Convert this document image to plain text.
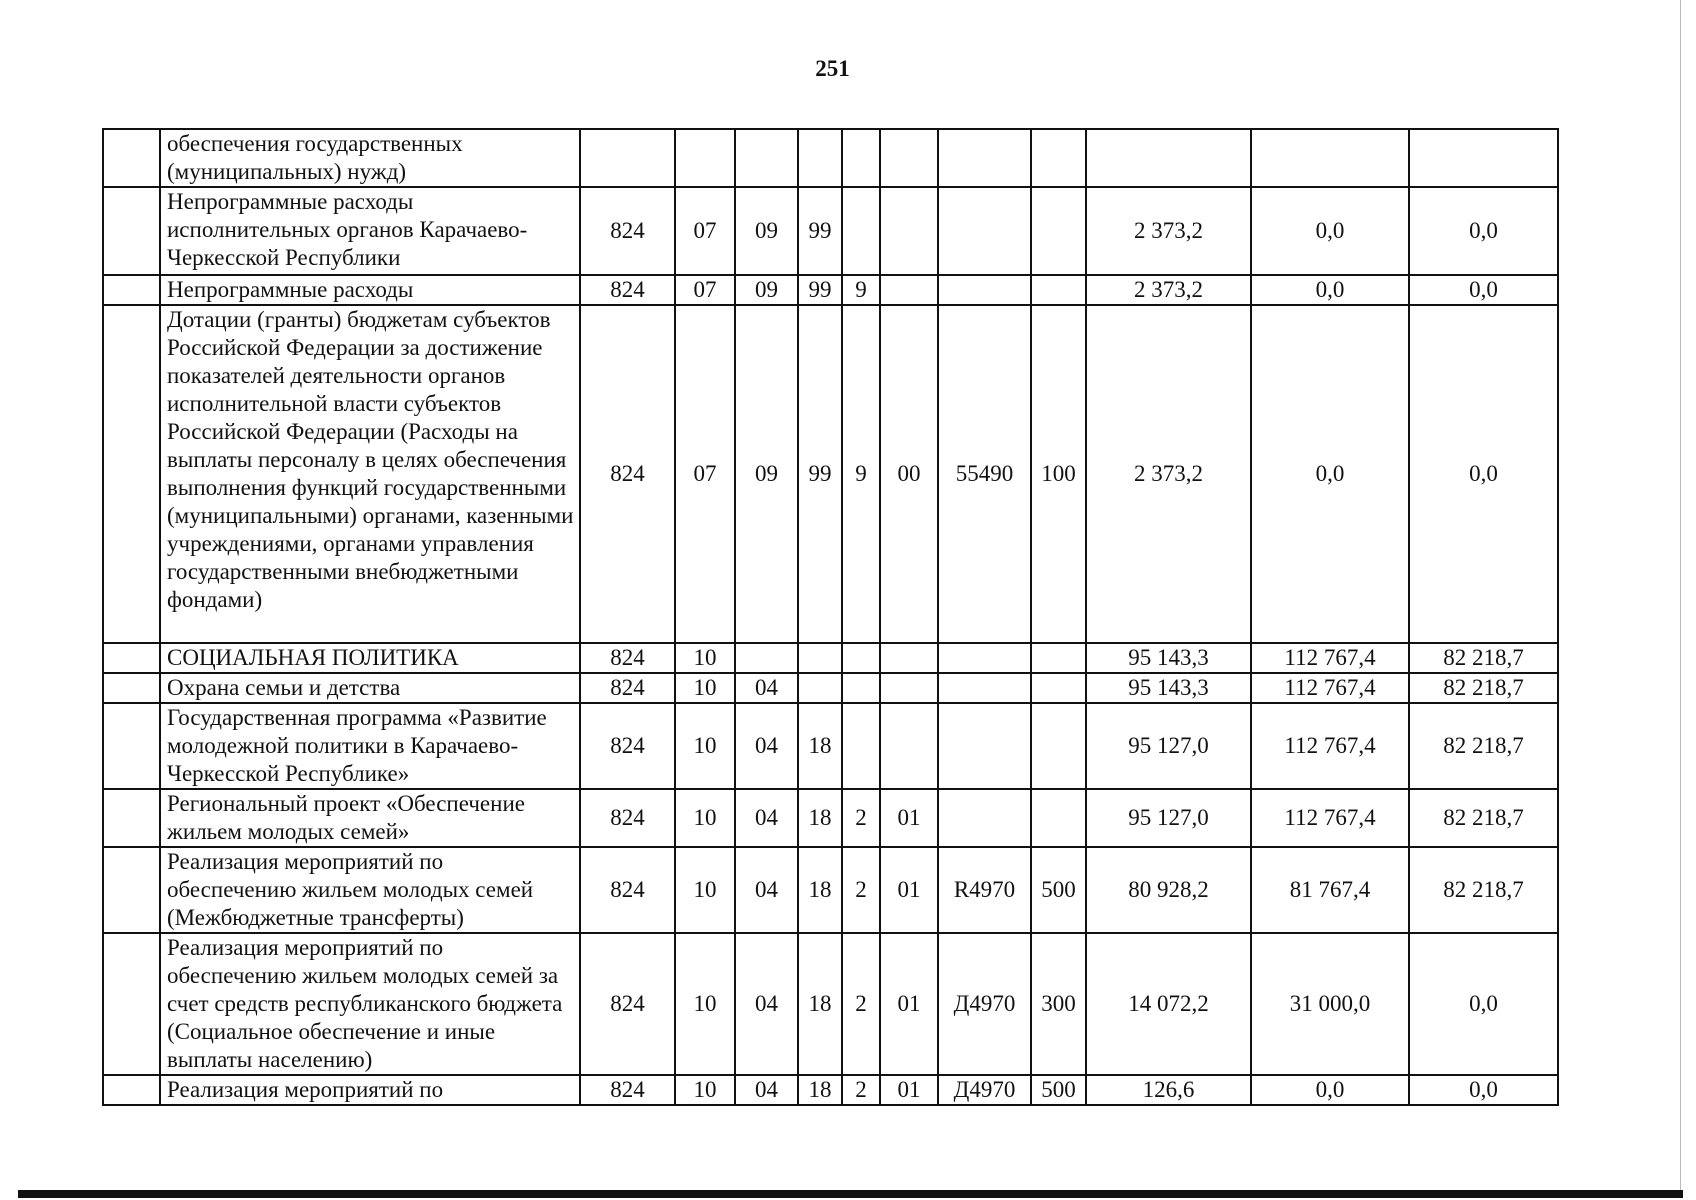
251
	обеспечения государственных (муниципальных) нужд)											
	Непрограммные расходы исполнительных органов Карачаево-Черкесской Республики	824	07	09	99					2 373,2	0,0	0,0
	Непрограммные расходы	824	07	09	99	9				2 373,2	0,0	0,0
	Дотации (гранты) бюджетам субъектов Российской Федерации за достижение показателей деятельности органов исполнительной власти субъектов Российской Федерации (Расходы на выплаты персоналу в целях обеспечения выполнения функций государственными (муниципальными) органами, казенными учреждениями, органами управления государственными внебюджетными фондами)	824	07	09	99	9	00	55490	100	2 373,2	0,0	0,0
	СОЦИАЛЬНАЯ ПОЛИТИКА	824	10							95 143,3	112 767,4	82 218,7
	Охрана семьи и детства	824	10	04						95 143,3	112 767,4	82 218,7
	Государственная программа «Развитие молодежной политики в Карачаево-Черкесской Республике»	824	10	04	18					95 127,0	112 767,4	82 218,7
	Региональный проект «Обеспечение жильем молодых семей»	824	10	04	18	2	01			95 127,0	112 767,4	82 218,7
	Реализация мероприятий по обеспечению жильем молодых семей (Межбюджетные трансферты)	824	10	04	18	2	01	R4970	500	80 928,2	81 767,4	82 218,7
	Реализация мероприятий по обеспечению жильем молодых семей за счет средств республиканского бюджета (Социальное обеспечение и иные выплаты населению)	824	10	04	18	2	01	Д4970	300	14 072,2	31 000,0	0,0
	Реализация мероприятий по	824	10	04	18	2	01	Д4970	500	126,6	0,0	0,0
